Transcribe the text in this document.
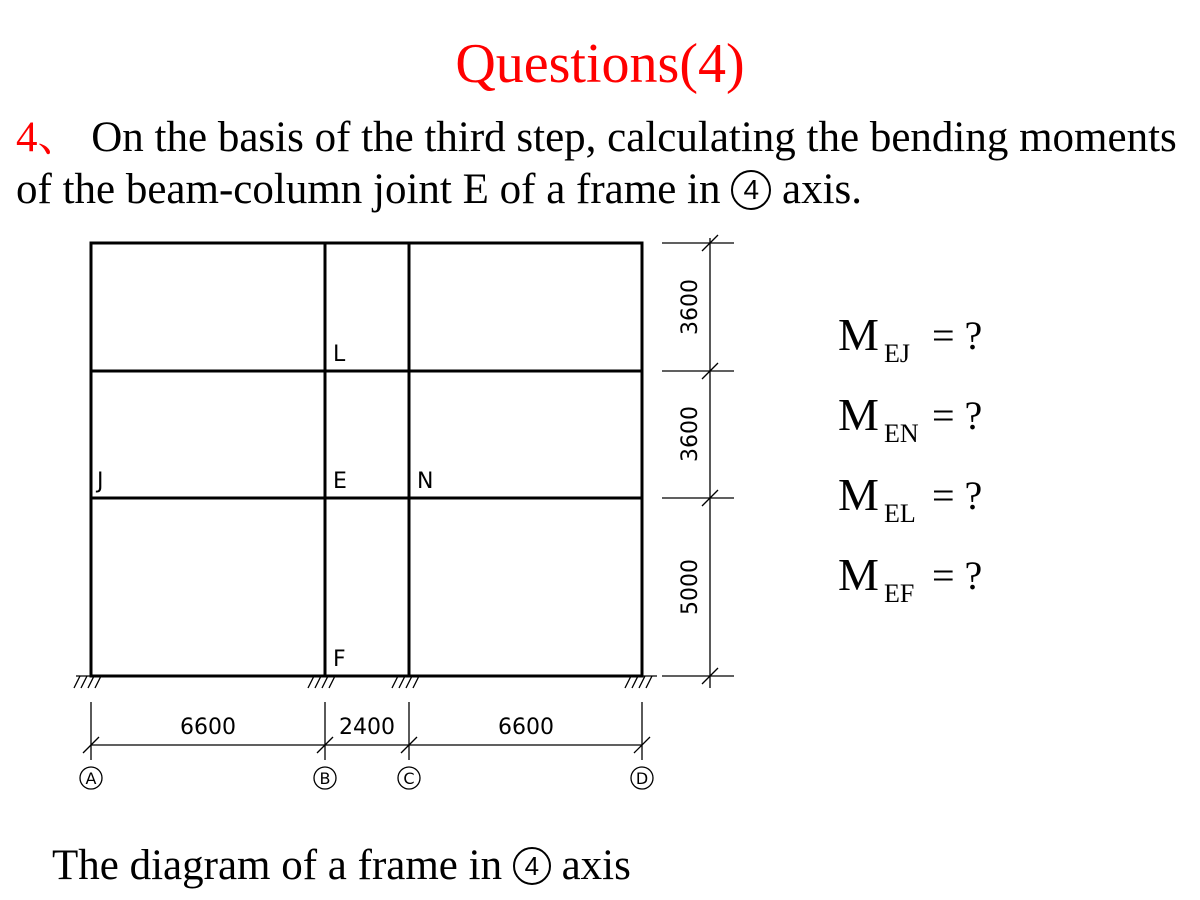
Questions(4)
4、 On the basis of the third step, calculating the bending moments of the beam-column joint E of a frame in 4 axis.
L
J	E	N
F
6600	2400	6600
3600
3600
5000
A	B	C	D
M EJ = ?
M EN = ?
M EL = ?
M EF = ?
The diagram of a frame in 4 axis
